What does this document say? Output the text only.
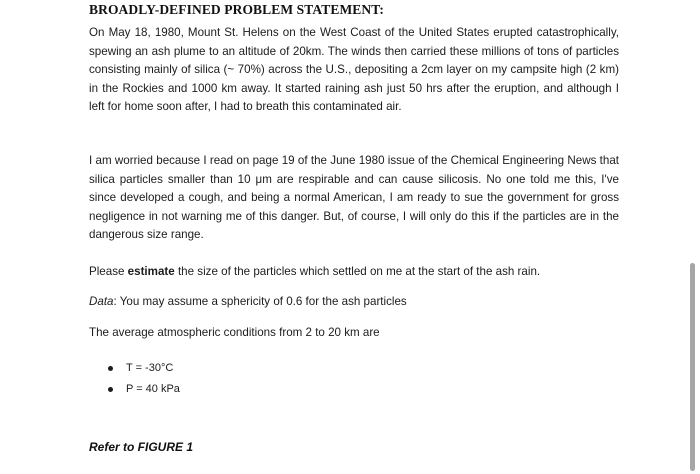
BROADLY-DEFINED PROBLEM STATEMENT:

On May 18, 1980, Mount St. Helens on the West Coast of the United States erupted catastrophically, spewing an ash plume to an altitude of 20km. The winds then carried these millions of tons of particles consisting mainly of silica (~ 70%) across the U.S., depositing a 2cm layer on my campsite high (2 km) in the Rockies and 1000 km away. It started raining ash just 50 hrs after the eruption, and although I left for home soon after, I had to breath this contaminated air.

I am worried because I read on page 19 of the June 1980 issue of the Chemical Engineering News that silica particles smaller than 10 μm are respirable and can cause silicosis. No one told me this, I've since developed a cough, and being a normal American, I am ready to sue the government for gross negligence in not warning me of this danger. But, of course, I will only do this if the particles are in the dangerous size range.

Please estimate the size of the particles which settled on me at the start of the ash rain.

Data: You may assume a sphericity of 0.6 for the ash particles

The average atmospheric conditions from 2 to 20 km are

T = -30°C
P = 40 kPa

Refer to FIGURE 1
